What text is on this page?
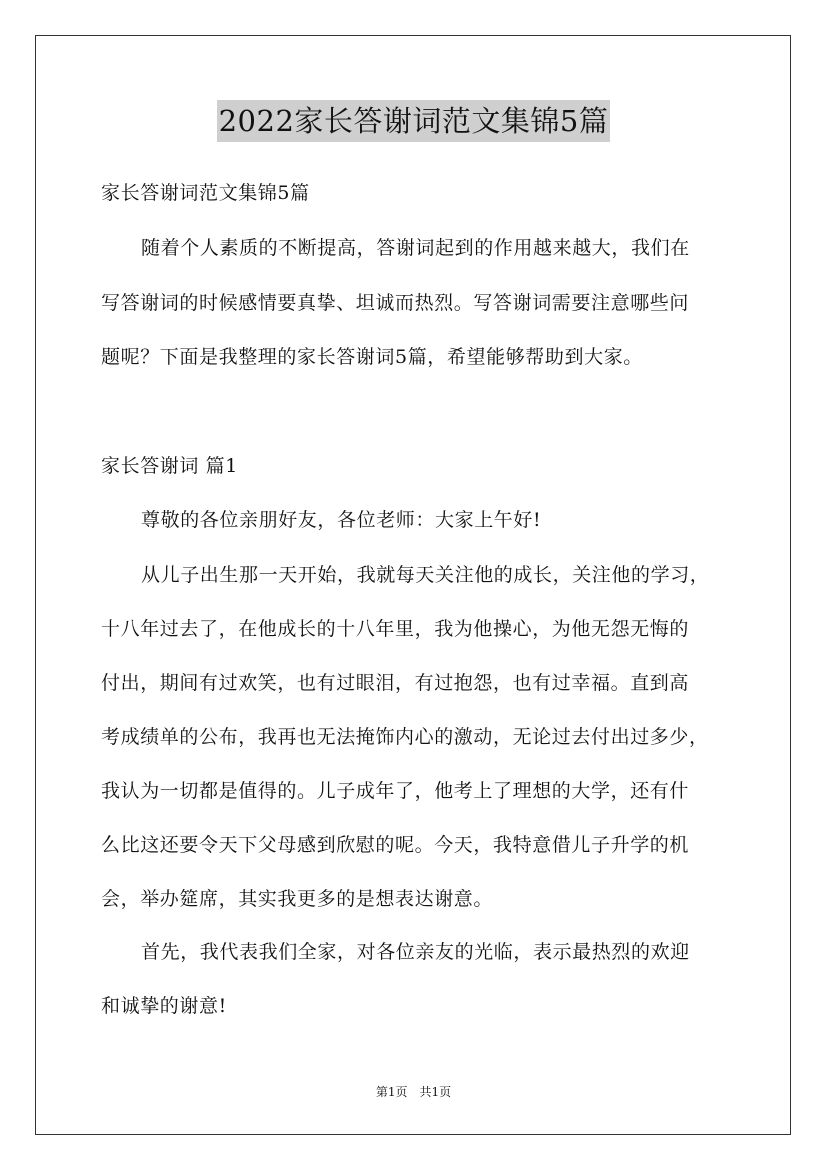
2022家长答谢词范文集锦5篇
家长答谢词范文集锦5篇
随着个人素质的不断提高，答谢词起到的作用越来越大，我们在
写答谢词的时候感情要真挚、坦诚而热烈。写答谢词需要注意哪些问
题呢？下面是我整理的家长答谢词5篇，希望能够帮助到大家。
家长答谢词 篇1
尊敬的各位亲朋好友，各位老师：大家上午好!
从儿子出生那一天开始，我就每天关注他的成长，关注他的学习，
十八年过去了，在他成长的十八年里，我为他操心，为他无怨无悔的
付出，期间有过欢笑，也有过眼泪，有过抱怨，也有过幸福。直到高
考成绩单的公布，我再也无法掩饰内心的激动，无论过去付出过多少，
我认为一切都是值得的。儿子成年了，他考上了理想的大学，还有什
么比这还要令天下父母感到欣慰的呢。今天，我特意借儿子升学的机
会，举办筵席，其实我更多的是想表达谢意。
首先，我代表我们全家，对各位亲友的光临，表示最热烈的欢迎
和诚挚的谢意!
第1页　共1页
